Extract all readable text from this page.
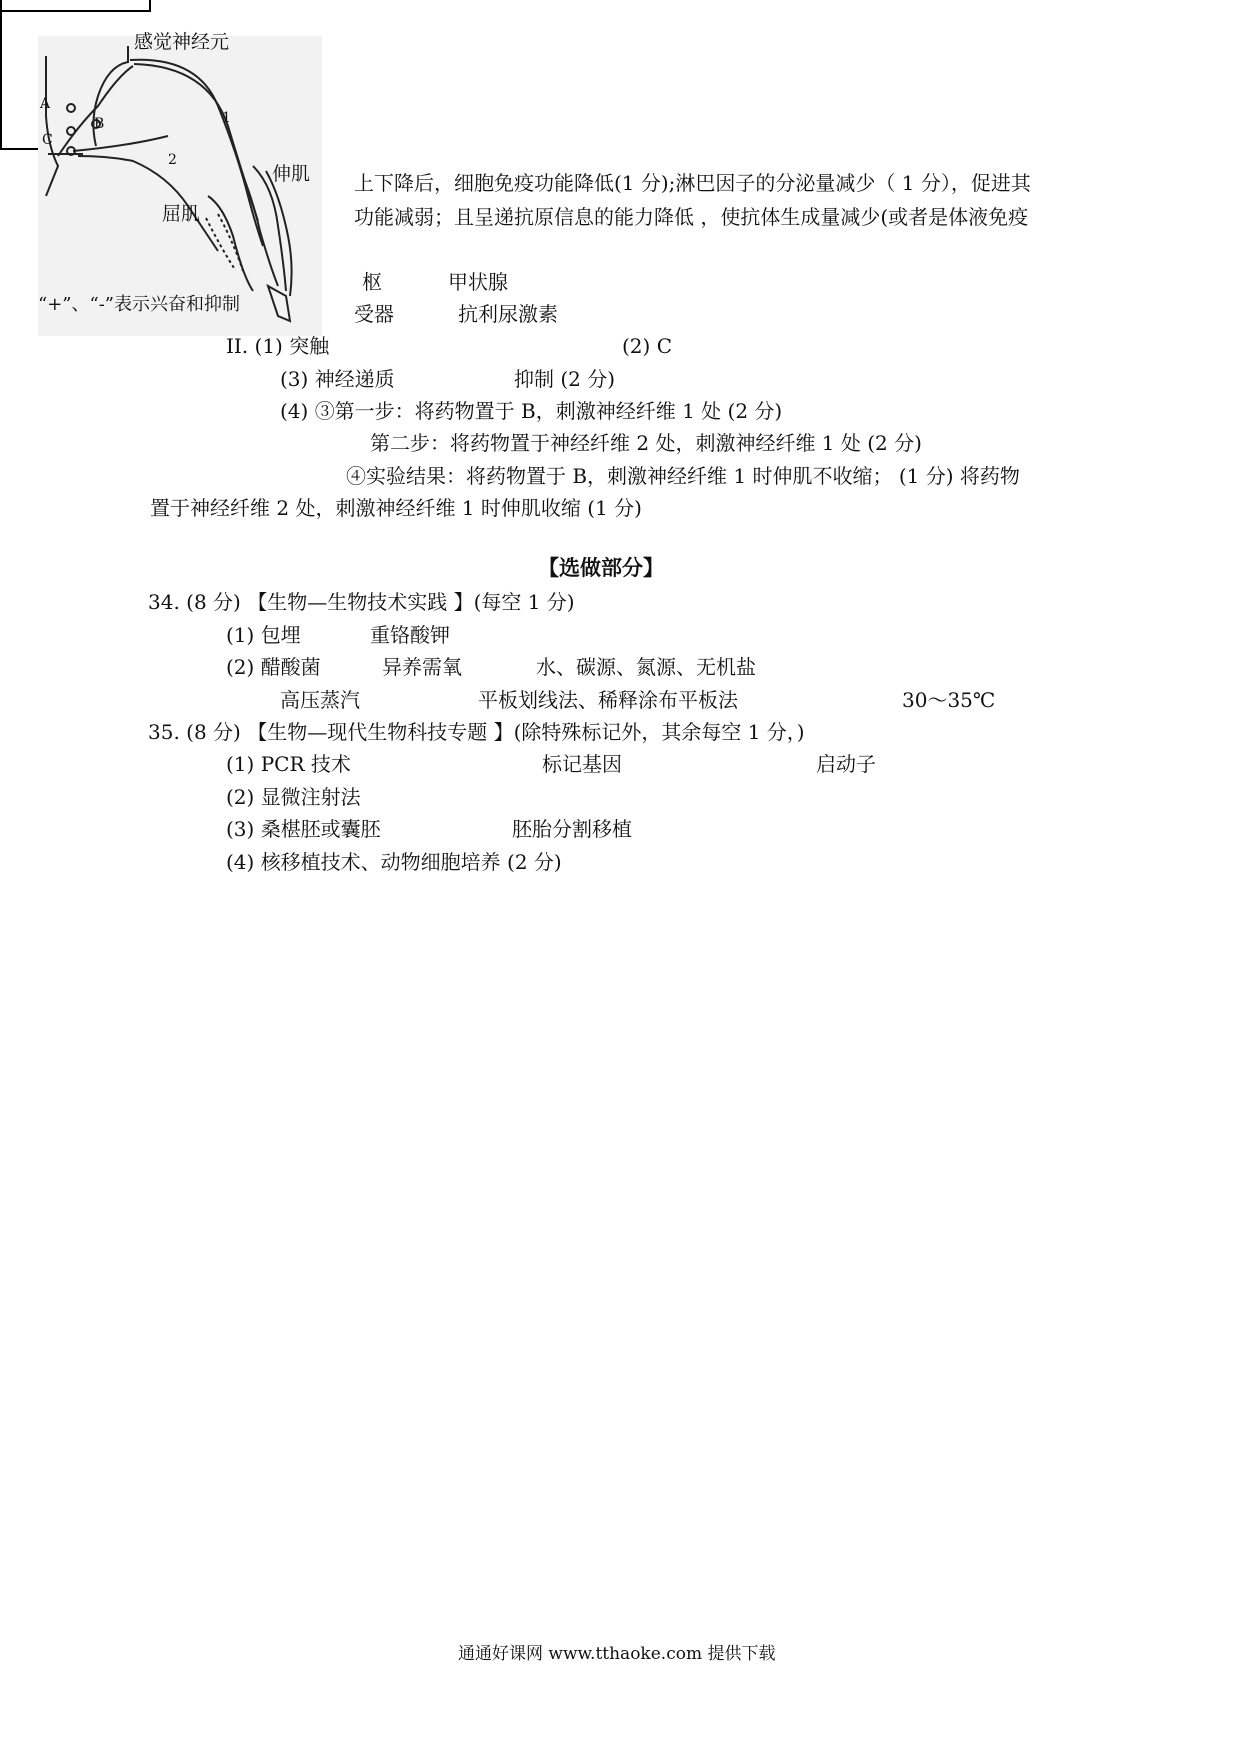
感觉神经元
A
B
C
1
2
伸肌
屈肌
“+”、“-”表示兴奋和抑制
上下降后，细胞免疫功能降低(1 分);淋巴因子的分泌量减少（ 1 分），促进其
功能减弱；且呈递抗原信息的能力降低 ，使抗体生成量减少(或者是体液免疫
枢	甲状腺
受器	抗利尿激素
II. (1) 突触	(2) C
(3) 神经递质	抑制 (2 分)
(4) ③第一步：将药物置于 B，刺激神经纤维 1 处 (2 分)
第二步：将药物置于神经纤维 2 处，刺激神经纤维 1 处 (2 分)
④实验结果：将药物置于 B，刺激神经纤维 1 时伸肌不收缩； (1 分) 将药物
置于神经纤维 2 处，刺激神经纤维 1 时伸肌收缩 (1 分)
【选做部分】
34. (8 分) 【生物—生物技术实践 】(每空 1 分)
(1) 包埋	重铬酸钾
(2) 醋酸菌	异养需氧	水、碳源、氮源、无机盐
高压蒸汽	平板划线法、稀释涂布平板法	30～35℃
35. (8 分) 【生物—现代生物科技专题 】(除特殊标记外，其余每空 1 分，)
(1) PCR 技术	标记基因	启动子
(2) 显微注射法
(3) 桑椹胚或囊胚	胚胎分割移植
(4) 核移植技术、动物细胞培养 (2 分)
通通好课网 www.tthaoke.com 提供下载
